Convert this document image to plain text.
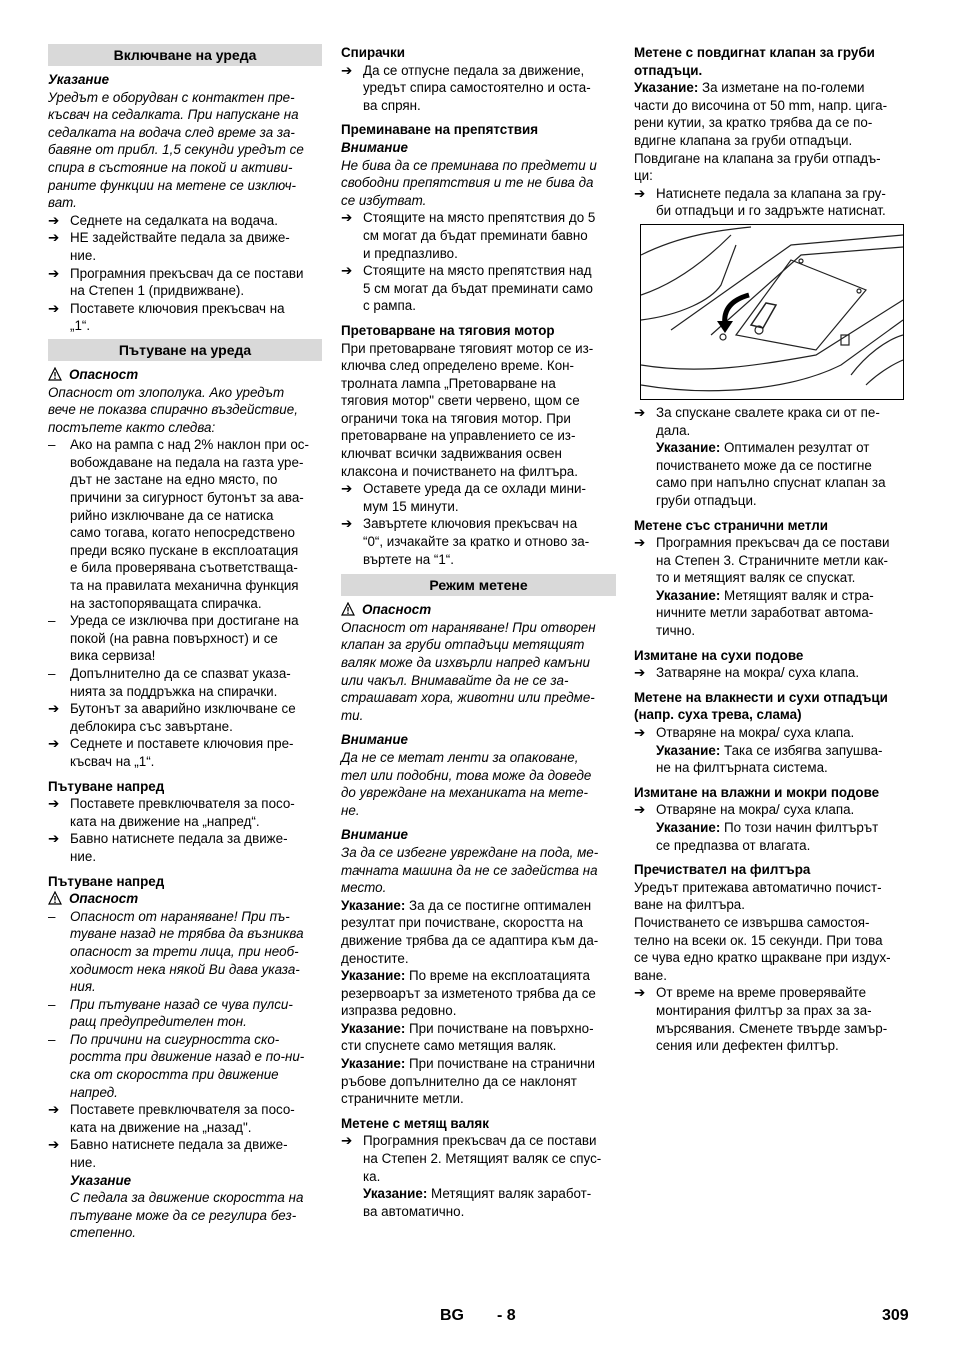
Включване на уреда

Указание

Уредът е оборудван с контактен пре-
късвач на седалката. При напускане на
седалката на водача след време за за-
бавяне от прибл. 1,5 секунди уредът се
спира в състояние на покой и активи-
раните функции на метене се изключ-
ват.

➔ Седнете на седалката на водача.
➔ НЕ задействайте педала за движе-
ние.
➔ Програмния прекъсвач да се постави
на Степен 1 (придвижване).
➔ Поставете ключовия прекъсвач на
„1“.
Пътуване на уреда
Опасност

Опасност от злополука. Ако уредът
вече не показва спирачно въздействие,
постъпете както следва:

–	Ако на рампа с над 2% наклон при ос-
вобождаване на педала на газта уре-
дът не застане на едно място, по
причини за сигурност бутонът за ава-
рийно изключване да се натиска
само тогава, когато непосредствено
преди всяко пускане в експлоатация
е била проверявана съответстваща-
та на правилата механична функция
на застопоряващата спирачка.
–	Уреда се изключва при достигане на
покой (на равна повърхност) и се
вика сервиза!
–	Допълнително да се спазват указа-
нията за поддръжка на спирачки.
➔ Бутонът за аварийно изключване се
деблокира със завъртане.
➔ Седнете и поставете ключовия пре-
късвач на „1“.

Пътуване напред

➔ Поставете превключвателя за посо-
ката на движение на „напред“.
➔ Бавно натиснете педала за движе-
ние.

Пътуване напред

Опасност
–	Опасност от нараняване! При пъ-
туване назад не трябва да възниква
опасност за трети лица, при необ-
ходимост нека някой Ви дава указа-
ния.
–	При пътуване назад се чува пулси-
ращ предупредителен тон.
–	По причини на сигурността ско-
ростта при движение назад е по-ни-
ска от скоростта при движение
напред.
➔ Поставете превключвателя за посо-
ката на движение на „назад".
➔ Бавно натиснете педала за движе-
ние.

Указание

С педала за движение скоростта на
пътуване може да се регулира без-
степенно.

Спирачки

➔ Да се отпусне педала за движение,
уредът спира самостоятелно и оста-
ва спрян.

Преминаване на препятствия

Внимание

Не бива да се преминава по предмети и
свободни препятствия и те не бива да
се избутват.

➔ Стоящите на място препятствия до 5
см могат да бъдат преминати бавно
и предпазливо.
➔ Стоящите на място препятствия над
5 см могат да бъдат преминати само
с рампа.

Претоварване на тяговия мотор

При претоварване тяговият мотор се из-
ключва след определено време. Кон-
тролната лампа „Претоварване на
тяговия мотор" свети червено, щом се
ограничи тока на тяговия мотор. При
претоварване на управлението се из-
ключват всички задвижвания освен
клаксона и почистването на филтъра.

➔ Оставете уреда да се охлади мини-
мум 15 минути.
➔ Завъртете ключовия прекъсвач на
“0“, изчакайте за кратко и отново за-
въртете на “1“.
Режим метене
Опасност

Опасност от нараняване! При отворен
клапан за груби отпадъци метящият
валяк може да изхвърли напред камъни
или чакъл. Внимавайте да не се за-
страшават хора, животни или предме-
ти.

Внимание

Да не се метат ленти за опаковане,
тел или подобни, това може да доведе
до увреждане на механиката на мете-
не.

Внимание

За да се избегне увреждане на пода, ме-
тачната машина да не се задейства на
место.

Указание: За да се постигне оптимален
резултат при почистване, скоростта на
движение трябва да се адаптира към да-
деностите.

Указание: По време на експлоатацията
резервоарът за изметеното трябва да се
изпразва редовно.

Указание: При почистване на повърхно-
сти спуснете само метящия валяк.

Указание: При почистване на странични
ръбове допълнително да се наклонят
страничните метли.

Метене с метящ валяк

➔ Програмния прекъсвач да се постави
на Степен 2. Метящият валяк се спус-
ка.

Указание: Метящият валяк заработ-
ва автоматично.

Метене с повдигнат клапан за груби
отпадъци.

Указание: За изметане на по-големи
части до височина от 50 mm, напр. цига-
рени кутии, за кратко трябва да се по-
вдигне клапана за груби отпадъци.
Повдигане на клапана за груби отпадъ-
ци:

➔ Натиснете педала за клапана за гру-
би отпадъци и го задръжте натиснат.
➔ За спускане свалете крака си от пе-
дала.

Указание: Оптимален резултат от
почистването може да се постигне
само при напълно спуснат клапан за
груби отпадъци.

Метене със странични метли

➔ Програмния прекъсвач да се постави
на Степен 3. Страничните метли как-
то и метящият валяк се спускат.

Указание: Метящият валяк и стра-
ничните метли заработват автома-
тично.

Измитане на сухи подове

➔ Затваряне на мокра/ суха клапа.

Метене на влакнести и сухи отпадъци
(напр. суха трева, слама)

➔ Отваряне на мокра/ суха клапа.

Указание: Така се избягва запушва-
не на филтърната система.

Измитане на влажни и мокри подове

➔ Отваряне на мокра/ суха клапа.

Указание: По този начин филтърът
се предпазва от влагата.

Пречиствател на филтъра

Уредът притежава автоматично почист-
ване на филтъра.
Почистването се извършва самостоя-
телно на всеки ок. 15 секунди. При това
се чува едно кратко щракване при издух-
ване.

➔ От време на време проверявайте
монтирания филтър за прах за за-
мърсявания. Сменете твърде замър-
сения или дефектен филтър.
BG - 8	309
